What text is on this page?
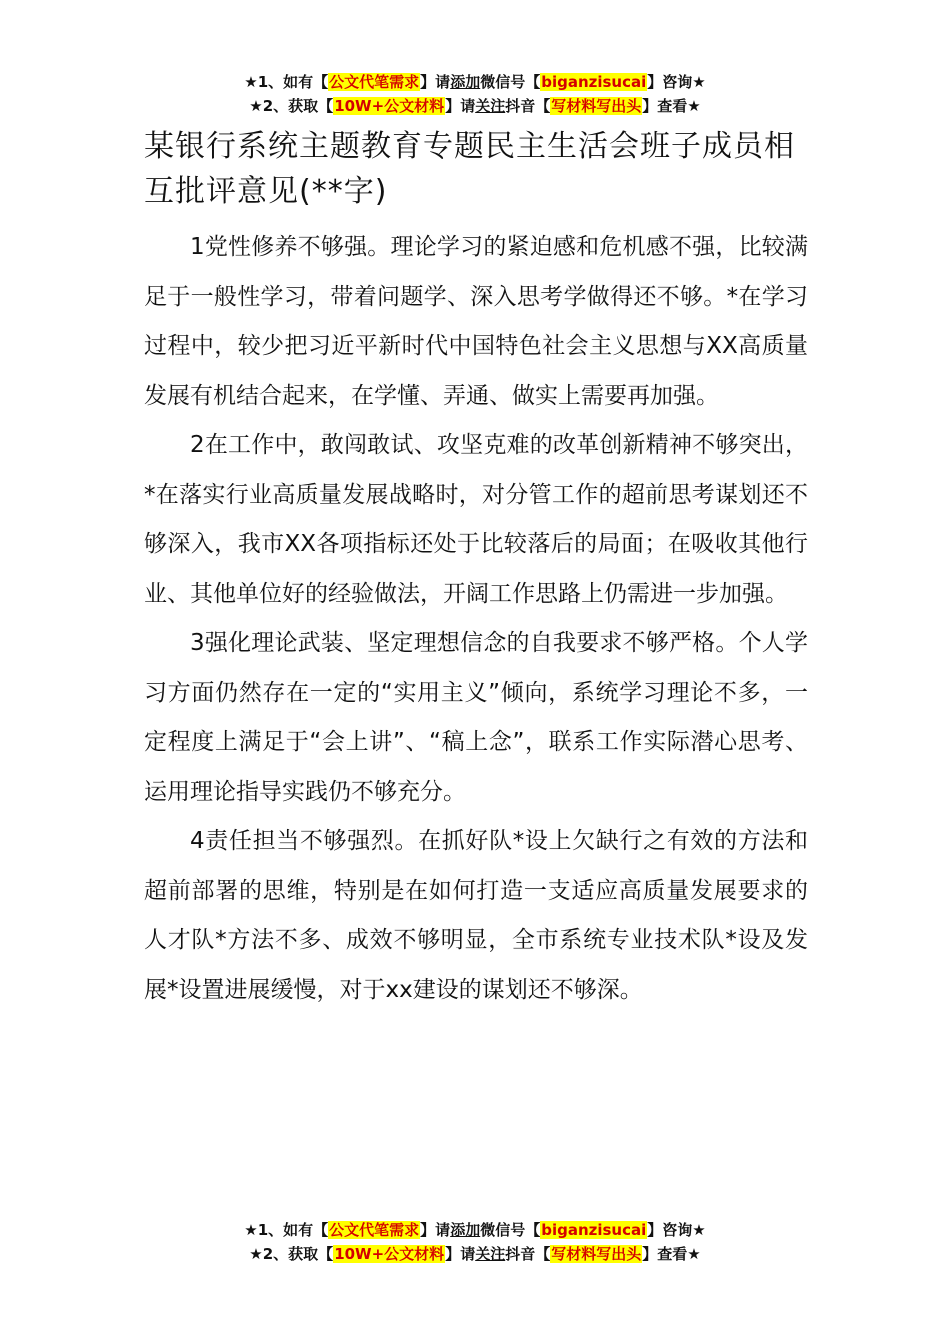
★1、如有【公文代笔需求】请添加微信号【biganzisucai】咨询★
★2、获取【10W+公文材料】请关注抖音【写材料写出头】查看★
某银行系统主题教育专题民主生活会班子成员相互批评意见(**字)

1党性修养不够强。理论学习的紧迫感和危机感不强，比较满足于一般性学习，带着问题学、深入思考学做得还不够。*在学习过程中，较少把习近平新时代中国特色社会主义思想与XX高质量发展有机结合起来，在学懂、弄通、做实上需要再加强。

2在工作中，敢闯敢试、攻坚克难的改革创新精神不够突出，*在落实行业高质量发展战略时，对分管工作的超前思考谋划还不够深入，我市XX各项指标还处于比较落后的局面；在吸收其他行业、其他单位好的经验做法，开阔工作思路上仍需进一步加强。

3强化理论武装、坚定理想信念的自我要求不够严格。个人学习方面仍然存在一定的“实用主义”倾向，系统学习理论不多，一定程度上满足于“会上讲”、“稿上念”，联系工作实际潜心思考、运用理论指导实践仍不够充分。

4责任担当不够强烈。在抓好队*设上欠缺行之有效的方法和超前部署的思维，特别是在如何打造一支适应高质量发展要求的人才队*方法不多、成效不够明显，全市系统专业技术队*设及发展*设置进展缓慢，对于xx建设的谋划还不够深。

★1、如有【公文代笔需求】请添加微信号【biganzisucai】咨询★
★2、获取【10W+公文材料】请关注抖音【写材料写出头】查看★
